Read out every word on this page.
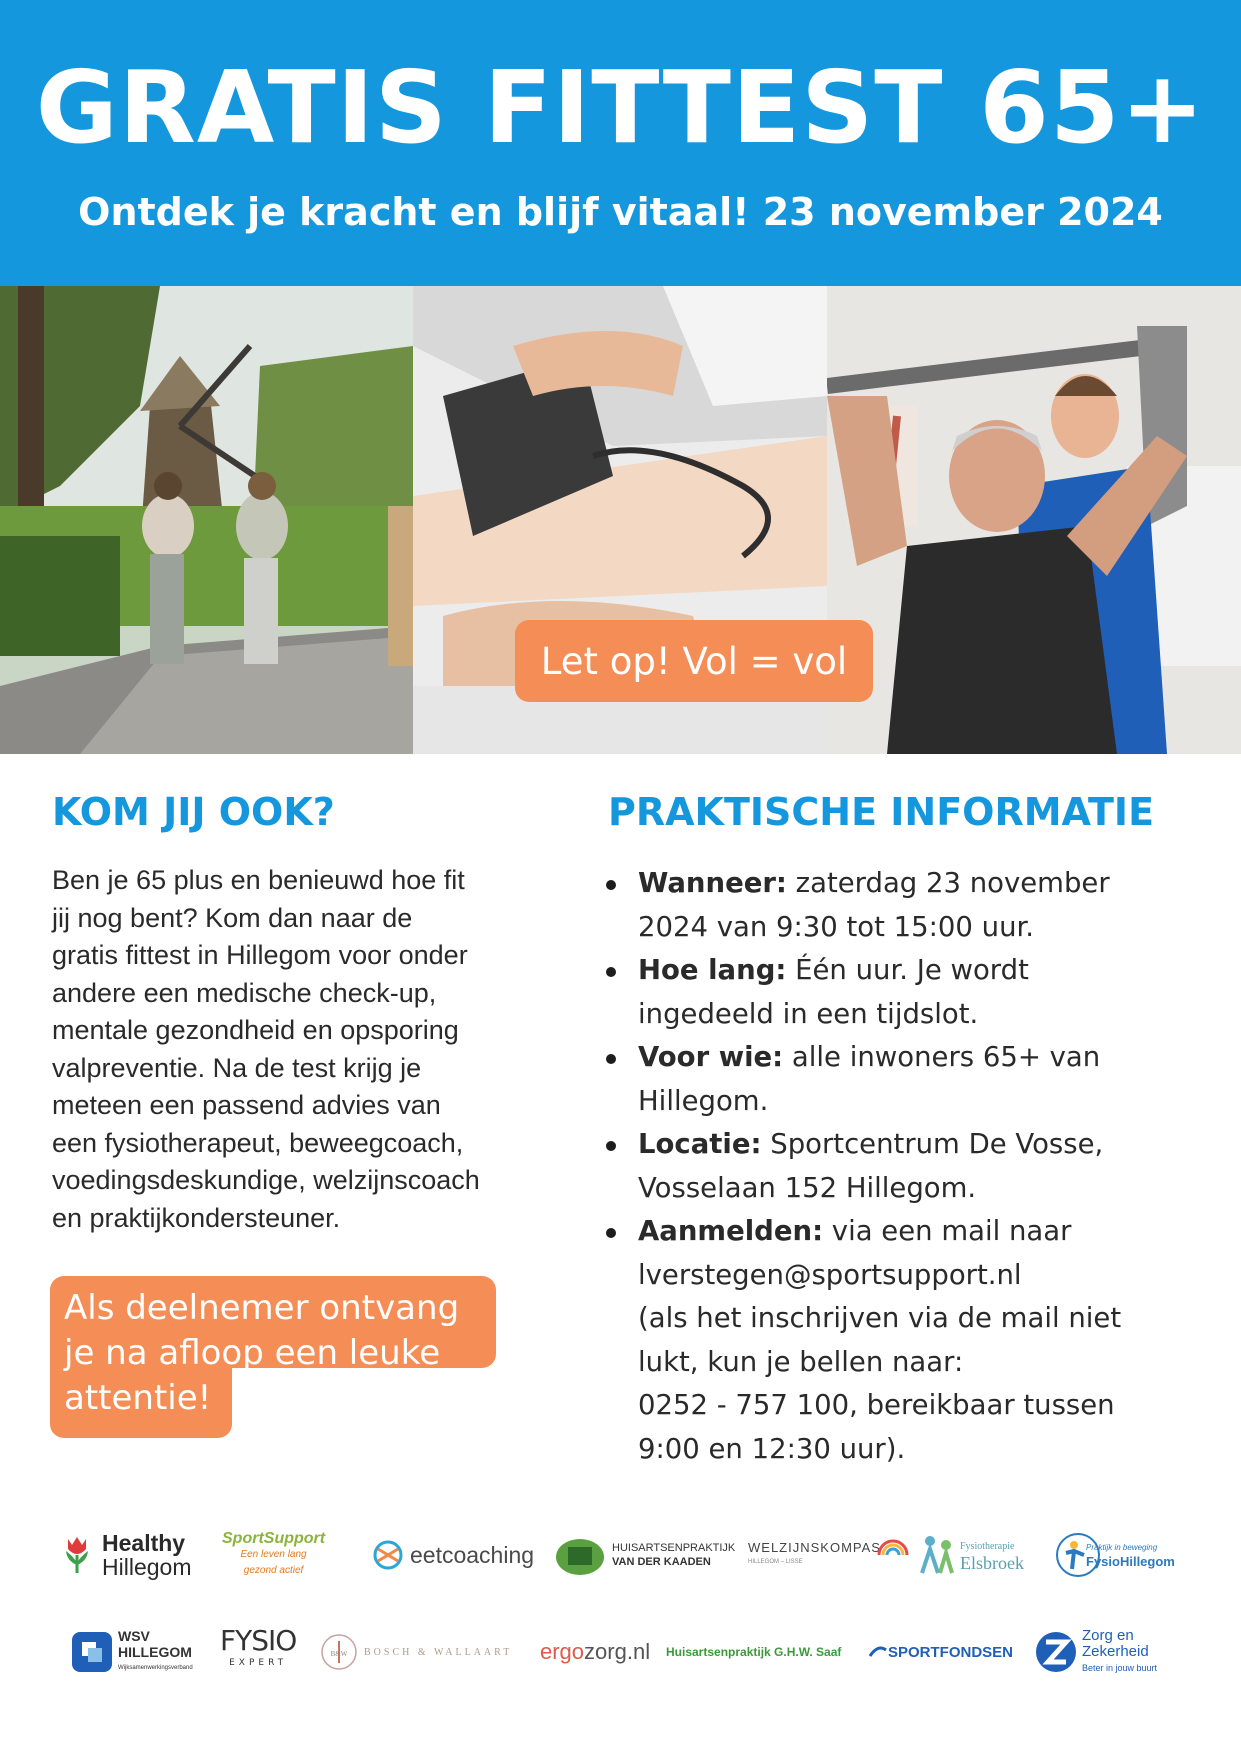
GRATIS FITTEST 65+
Ontdek je kracht en blijf vitaal! 23 november 2024
Let op! Vol = vol
KOM JIJ OOK?
Ben je 65 plus en benieuwd hoe fit
jij nog bent? Kom dan naar de
gratis fittest in Hillegom voor onder
andere een medische check-up,
mentale gezondheid en opsporing
valpreventie. Na de test krijg je
meteen een passend advies van
een fysiotherapeut, beweegcoach,
voedingsdeskundige, welzijnscoach
en praktijkondersteuner.
Als deelnemer ontvang
je na afloop een leuke
attentie!
PRAKTISCHE INFORMATIE
Wanneer: zaterdag 23 november
2024 van 9:30 tot 15:00 uur.
Hoe lang: Één uur. Je wordt
ingedeeld in een tijdslot.
Voor wie: alle inwoners 65+ van
Hillegom.
Locatie: Sportcentrum De Vosse,
Vosselaan 152 Hillegom.
Aanmelden: via een mail naar
lverstegen@sportsupport.nl
(als het inschrijven via de mail niet
lukt, kun je bellen naar:
0252 - 757 100, bereikbaar tussen
9:00 en 12:30 uur).
Healthy
Hillegom
SportSupport
Een leven lang
gezond actief
eetcoaching	HUISARTSENPRAKTIJK
VAN DER KAADEN
WELZIJNSKOMPAS
HILLEGOM – LISSE
Fysiotherapie
Elsbroek
Praktijk in beweging
FysioHillegom
WSV
HILLEGOM
Wijksamenwerkingsverband
FYSIO
EXPERT
B&W BOSCH & WALLAART ergo zorg .nl Huisartsenpraktijk G.H.W. Saaf	SPORTFONDSEN
Zorg en
Zekerheid
Beter in jouw buurt
